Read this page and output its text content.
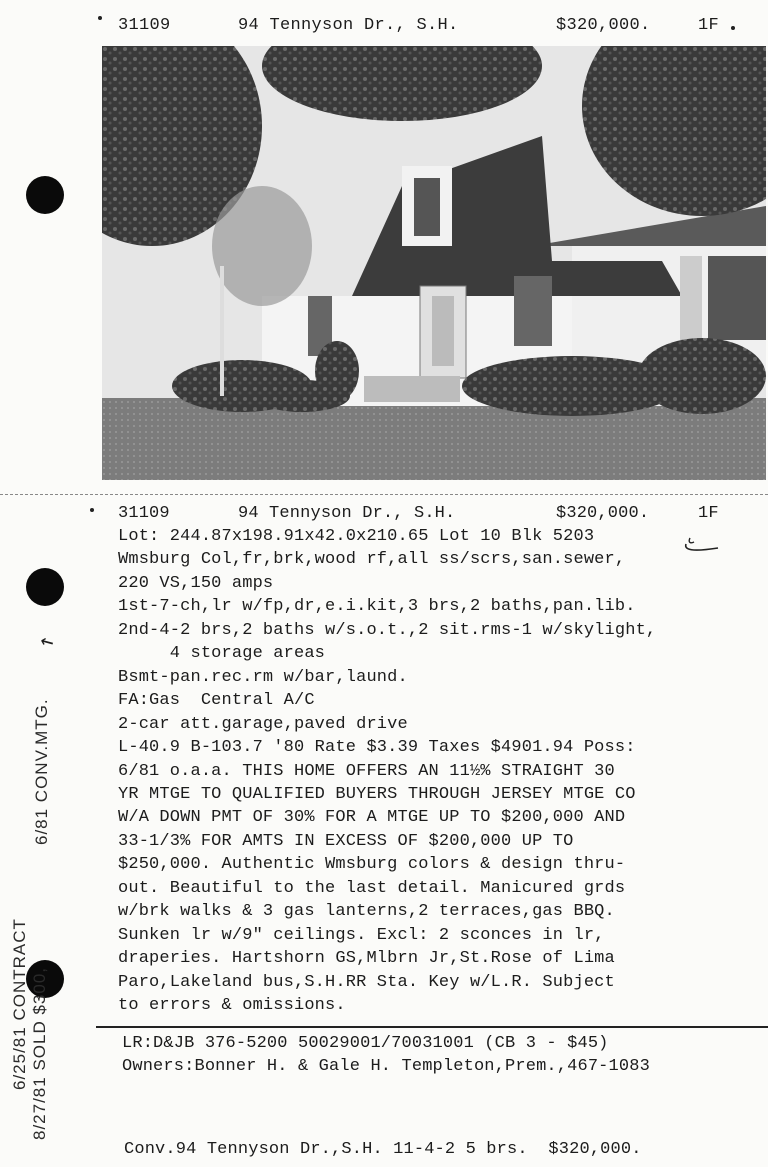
31109	94 Tennyson Dr., S.H.	$320,000.	1F
31109	94 Tennyson Dr., S.H.	$320,000.	1F
Lot: 244.87x198.91x42.0x210.65 Lot 10 Blk 5203
Wmsburg Col,fr,brk,wood rf,all ss/scrs,san.sewer,
220 VS,150 amps
1st-7-ch,lr w/fp,dr,e.i.kit,3 brs,2 baths,pan.lib.
2nd-4-2 brs,2 baths w/s.o.t.,2 sit.rms-1 w/skylight,
4 storage areas
Bsmt-pan.rec.rm w/bar,laund.
FA:Gas  Central A/C
2-car att.garage,paved drive
L-40.9 B-103.7 '80 Rate $3.39 Taxes $4901.94 Poss:
6/81 o.a.a. THIS HOME OFFERS AN 11½% STRAIGHT 30
YR MTGE TO QUALIFIED BUYERS THROUGH JERSEY MTGE CO
W/A DOWN PMT OF 30% FOR A MTGE UP TO $200,000 AND
33-1/3% FOR AMTS IN EXCESS OF $200,000 UP TO
$250,000. Authentic Wmsburg colors & design thru-
out. Beautiful to the last detail. Manicured grds
w/brk walks & 3 gas lanterns,2 terraces,gas BBQ.
Sunken lr w/9" ceilings. Excl: 2 sconces in lr,
draperies. Hartshorn GS,Mlbrn Jr,St.Rose of Lima
Paro,Lakeland bus,S.H.RR Sta. Key w/L.R. Subject
to errors & omissions.
↖
LR:D&JB 376-5200 50029001/70031001 (CB 3 - $45)
Owners:Bonner H. & Gale H. Templeton,Prem.,467-1083
Conv.94 Tennyson Dr.,S.H. 11-4-2 5 brs.  $320,000.
6/25/81 CONTRACT 8/27/81 SOLD $300,
6/81 CONV.MTG.
